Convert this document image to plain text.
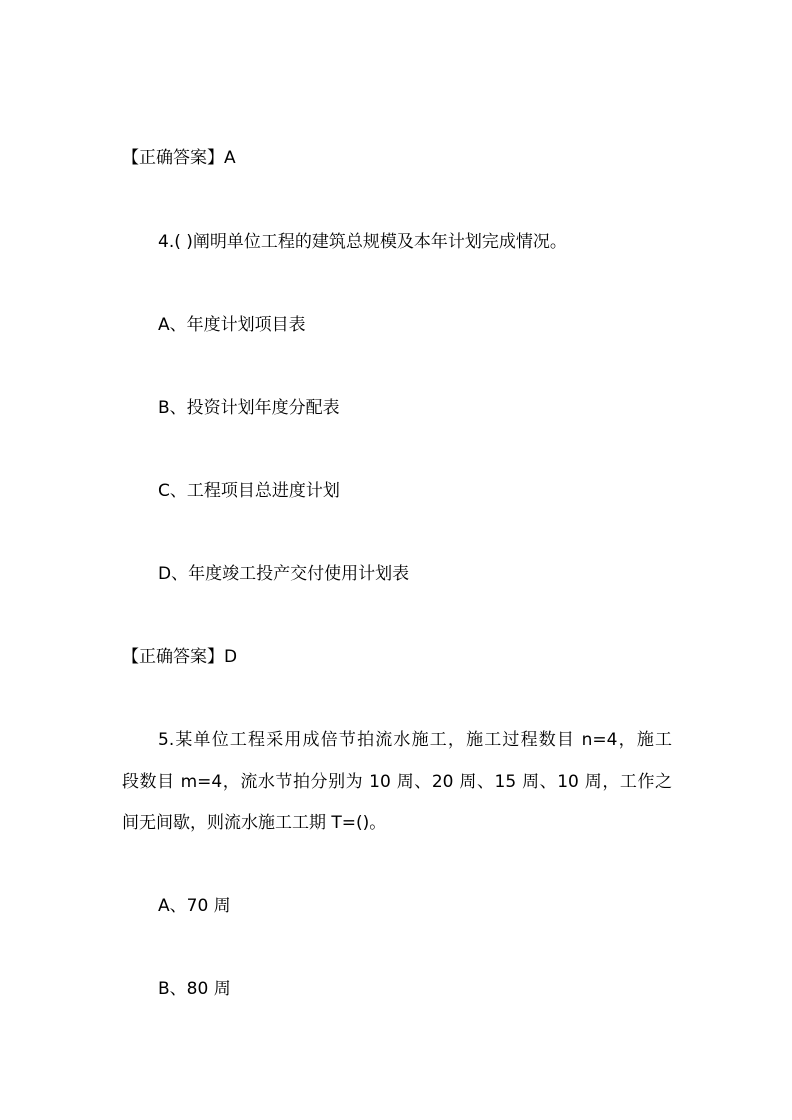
【正确答案】A
4.( )阐明单位工程的建筑总规模及本年计划完成情况。
A、年度计划项目表
B、投资计划年度分配表
C、工程项目总进度计划
D、年度竣工投产交付使用计划表
【正确答案】D
5.某单位工程采用成倍节拍流水施工，施工过程数目 n=4，施工
段数目 m=4，流水节拍分别为 10 周、20 周、15 周、10 周，工作之
间无间歇，则流水施工工期 T=()。
A、70 周
B、80 周
